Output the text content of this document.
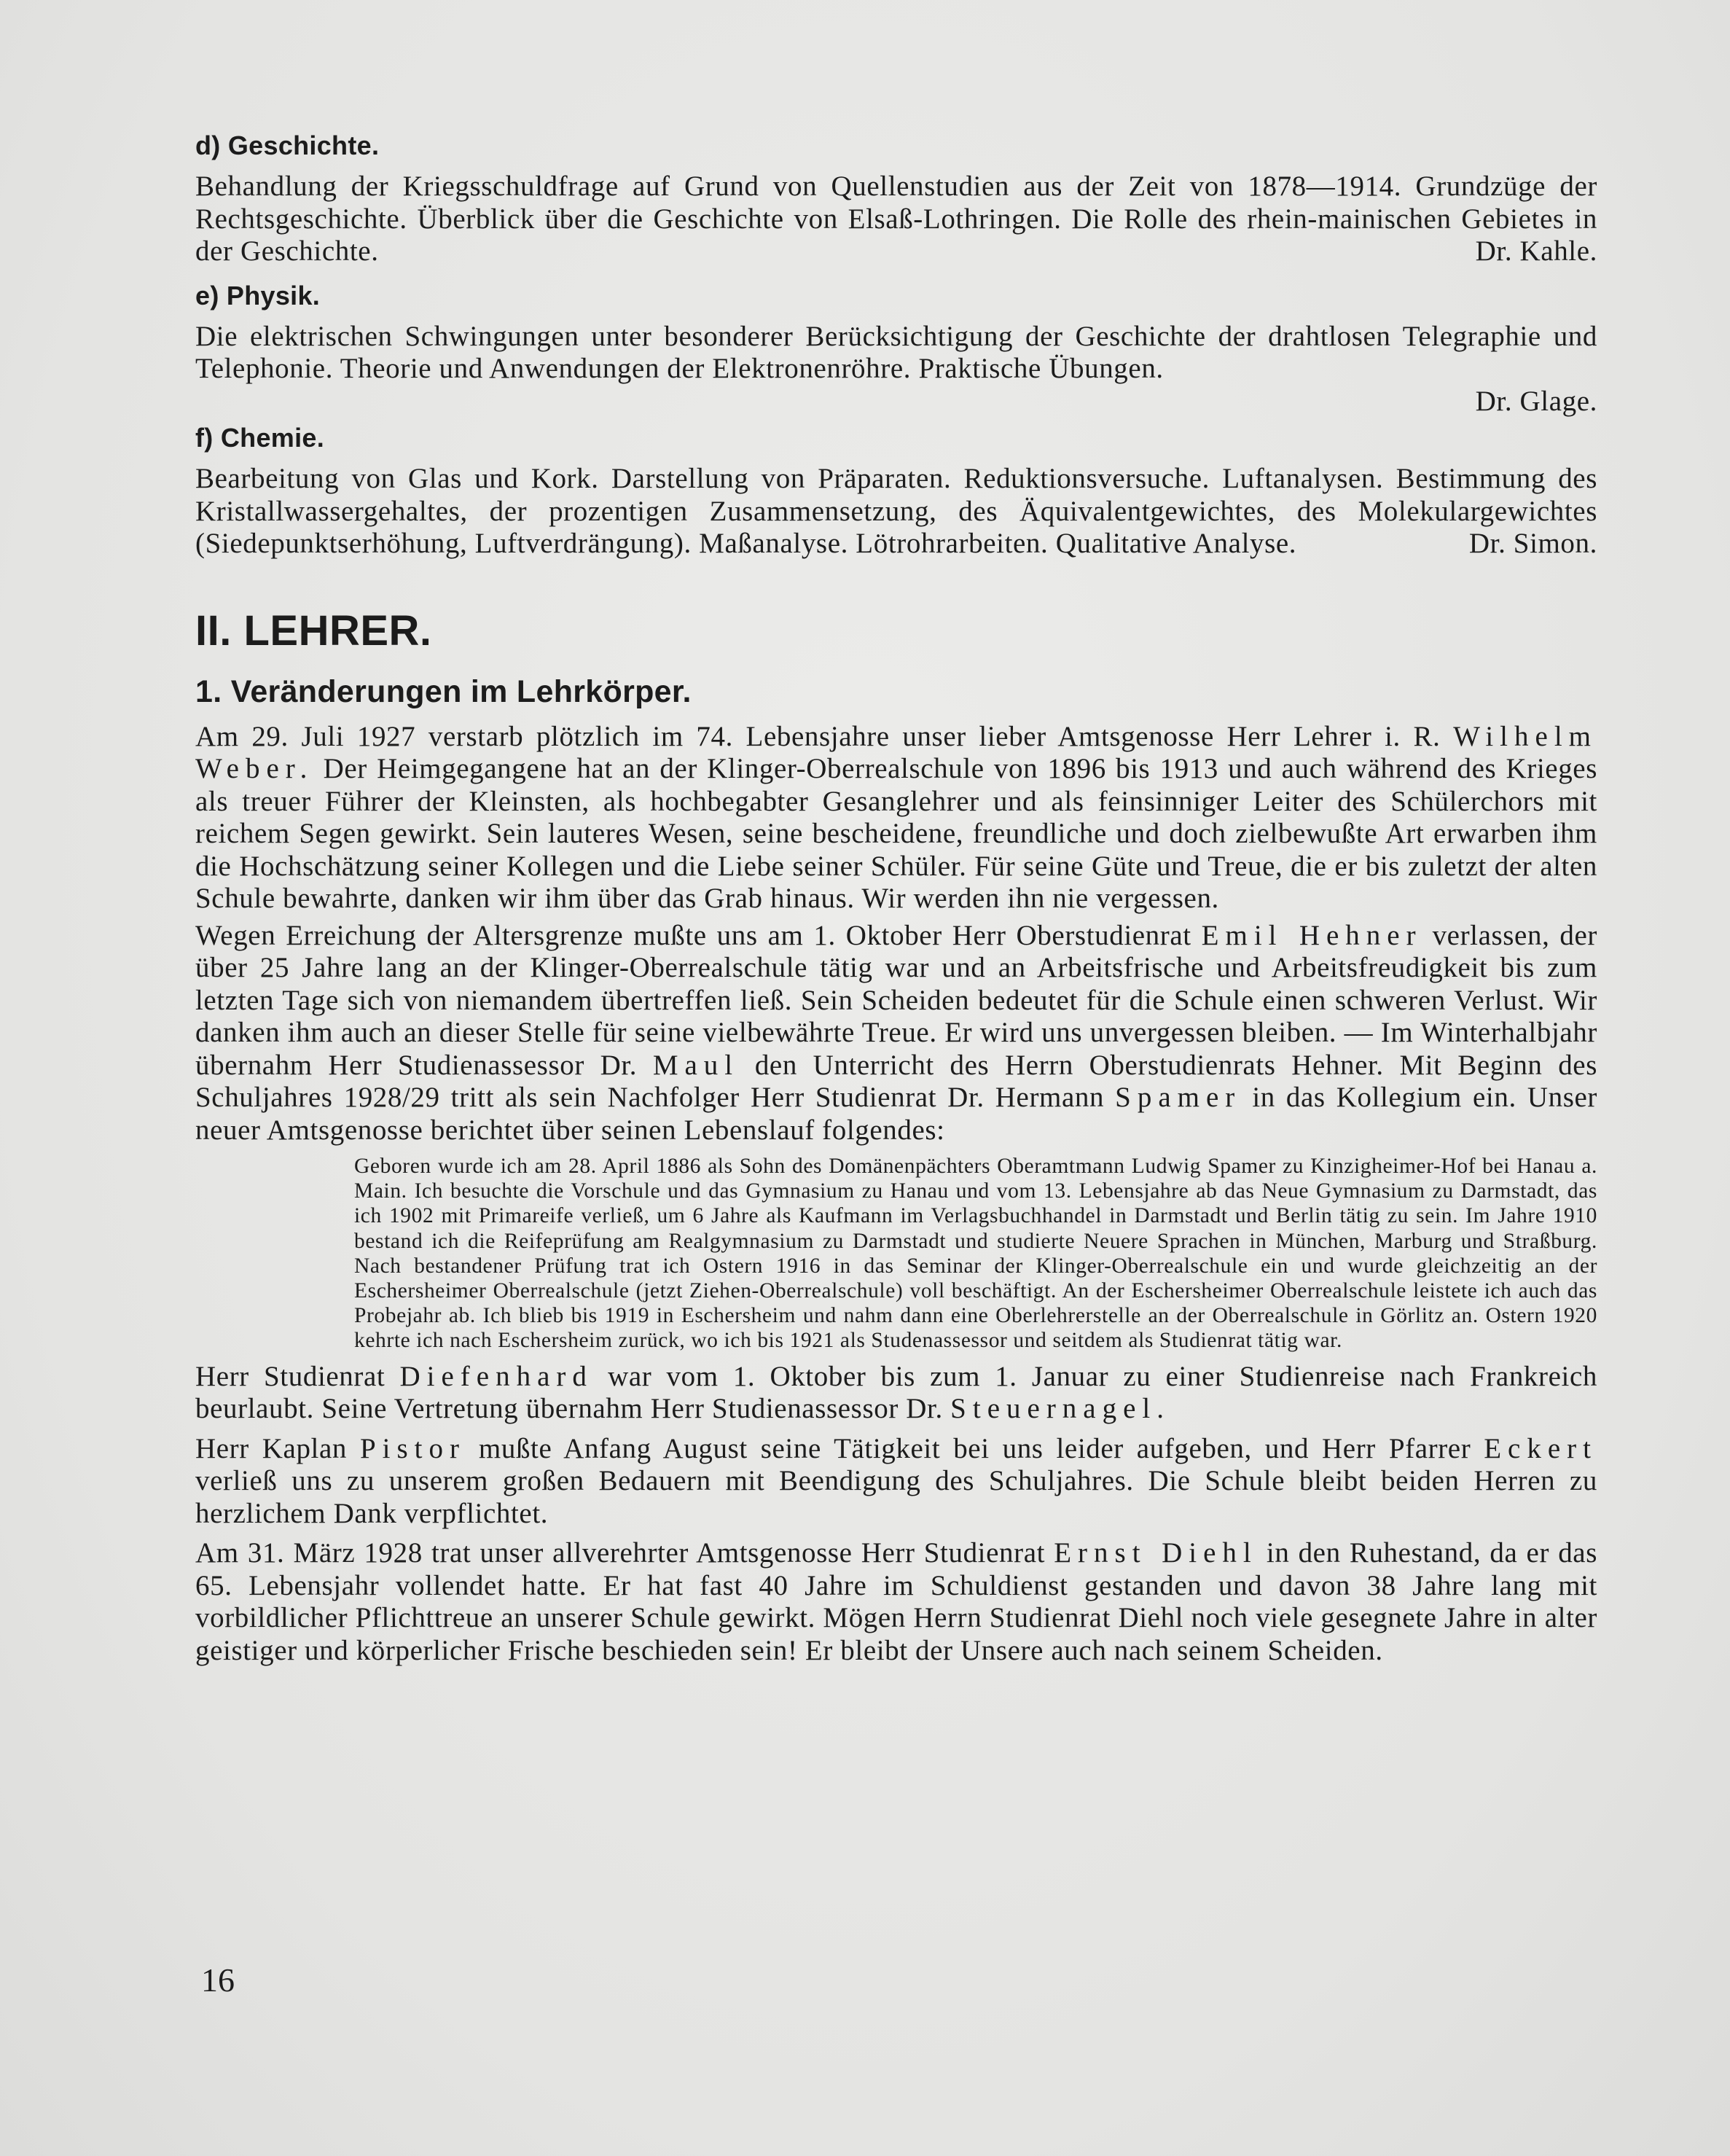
d) Geschichte.

Behandlung der Kriegsschuldfrage auf Grund von Quellenstudien aus der Zeit von 1878—1914. Grundzüge der Rechtsgeschichte. Überblick über die Geschichte von Elsaß-Lothringen. Die Rolle des rhein-mainischen Gebietes in der Geschichte.	Dr. Kahle.

e) Physik.

Die elektrischen Schwingungen unter besonderer Berücksichtigung der Geschichte der drahtlosen Telegraphie und Telephonie. Theorie und Anwendungen der Elektronenröhre. Praktische Übungen.

Dr. Glage.
f) Chemie.

Bearbeitung von Glas und Kork. Darstellung von Präparaten. Reduktionsversuche. Luftanalysen. Bestimmung des Kristallwassergehaltes, der prozentigen Zusammensetzung, des Äquivalentgewichtes, des Molekulargewichtes (Siedepunktserhöhung, Luftverdrängung). Maßanalyse. Lötrohrarbeiten. Qualitative Analyse.	Dr. Simon.

II. LEHRER.
1. Veränderungen im Lehrkörper.

Am 29. Juli 1927 verstarb plötzlich im 74. Lebensjahre unser lieber Amtsgenosse Herr Lehrer i. R. Wilhelm Weber. Der Heimgegangene hat an der Klinger-Oberrealschule von 1896 bis 1913 und auch während des Krieges als treuer Führer der Kleinsten, als hochbegabter Gesanglehrer und als feinsinniger Leiter des Schülerchors mit reichem Segen gewirkt. Sein lauteres Wesen, seine bescheidene, freundliche und doch zielbewußte Art erwarben ihm die Hochschätzung seiner Kollegen und die Liebe seiner Schüler. Für seine Güte und Treue, die er bis zuletzt der alten Schule bewahrte, danken wir ihm über das Grab hinaus. Wir werden ihn nie vergessen.

Wegen Erreichung der Altersgrenze mußte uns am 1. Oktober Herr Oberstudienrat Emil Hehner verlassen, der über 25 Jahre lang an der Klinger-Oberrealschule tätig war und an Arbeitsfrische und Arbeitsfreudigkeit bis zum letzten Tage sich von niemandem übertreffen ließ. Sein Scheiden bedeutet für die Schule einen schweren Verlust. Wir danken ihm auch an dieser Stelle für seine vielbewährte Treue. Er wird uns unvergessen bleiben. — Im Winterhalbjahr übernahm Herr Studienassessor Dr. Maul den Unterricht des Herrn Oberstudienrats Hehner. Mit Beginn des Schuljahres 1928/29 tritt als sein Nachfolger Herr Studienrat Dr. Hermann Spamer in das Kollegium ein. Unser neuer Amtsgenosse berichtet über seinen Lebenslauf folgendes:

Geboren wurde ich am 28. April 1886 als Sohn des Domänenpächters Oberamtmann Ludwig Spamer zu Kinzigheimer-Hof bei Hanau a. Main. Ich besuchte die Vorschule und das Gymnasium zu Hanau und vom 13. Lebensjahre ab das Neue Gymnasium zu Darmstadt, das ich 1902 mit Primareife verließ, um 6 Jahre als Kaufmann im Verlagsbuchhandel in Darmstadt und Berlin tätig zu sein. Im Jahre 1910 bestand ich die Reifeprüfung am Realgymnasium zu Darmstadt und studierte Neuere Sprachen in München, Marburg und Straßburg. Nach bestandener Prüfung trat ich Ostern 1916 in das Seminar der Klinger-Oberrealschule ein und wurde gleichzeitig an der Eschersheimer Oberrealschule (jetzt Ziehen-Oberrealschule) voll beschäftigt. An der Eschersheimer Oberrealschule leistete ich auch das Probejahr ab. Ich blieb bis 1919 in Eschersheim und nahm dann eine Oberlehrerstelle an der Oberrealschule in Görlitz an. Ostern 1920 kehrte ich nach Eschersheim zurück, wo ich bis 1921 als Studenassessor und seitdem als Studienrat tätig war.

Herr Studienrat Diefenhard war vom 1. Oktober bis zum 1. Januar zu einer Studienreise nach Frankreich beurlaubt. Seine Vertretung übernahm Herr Studienassessor Dr. Steuernagel.

Herr Kaplan Pistor mußte Anfang August seine Tätigkeit bei uns leider aufgeben, und Herr Pfarrer Eckert verließ uns zu unserem großen Bedauern mit Beendigung des Schuljahres. Die Schule bleibt beiden Herren zu herzlichem Dank verpflichtet.

Am 31. März 1928 trat unser allverehrter Amtsgenosse Herr Studienrat Ernst Diehl in den Ruhestand, da er das 65. Lebensjahr vollendet hatte. Er hat fast 40 Jahre im Schuldienst gestanden und davon 38 Jahre lang mit vorbildlicher Pflichttreue an unserer Schule gewirkt. Mögen Herrn Studienrat Diehl noch viele gesegnete Jahre in alter geistiger und körperlicher Frische beschieden sein! Er bleibt der Unsere auch nach seinem Scheiden.

16
